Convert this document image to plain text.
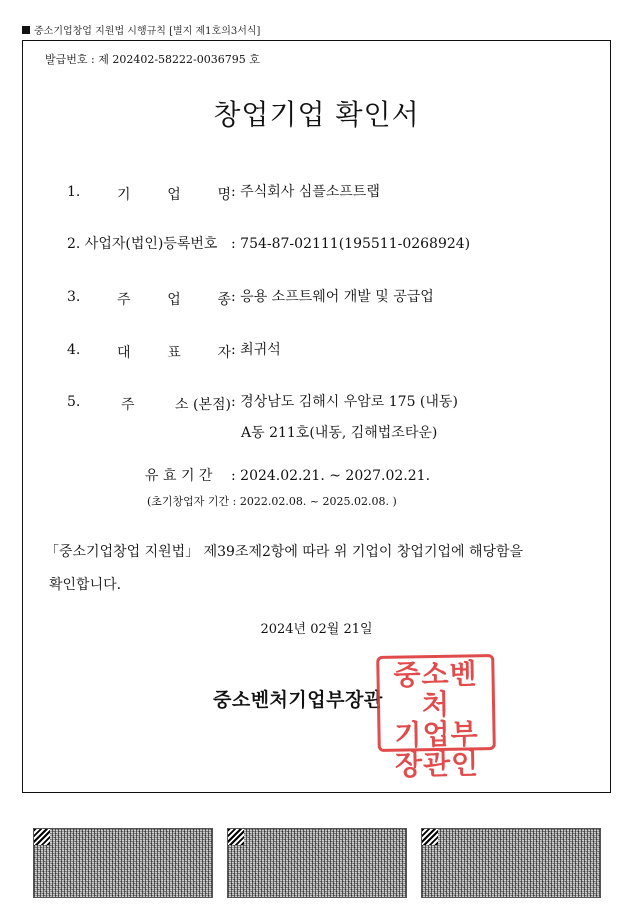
중소기업창업 지원법 시행규칙 [별지 제1호의3서식]
발급번호 : 제 202402-58222-0036795 호
창업기업 확인서
1.	기	업	명 : 주식회사 심플소프트랩
2. 사업자(법인)등록번호 : 754-87-02111(195511-0268924)
3.	주	업	종 : 응용 소프트웨어 개발 및 공급업
4.	대	표	자 : 최귀석
5.	주	소 (본점) : 경상남도 김해시 우암로 175 (내동)
A동 211호(내동, 김해법조타운)
유 효 기 간 : 2024.02.21. ~ 2027.02.21.
(초기창업자 기간 : 2022.02.08. ~ 2025.02.08. )
「중소기업창업 지원법」 제39조제2항에 따라 위 기업이 창업기업에 해당함을
확인합니다.
2024년 02월 21일
중소벤처기업부장관
중소벤처
기업부
장관인
